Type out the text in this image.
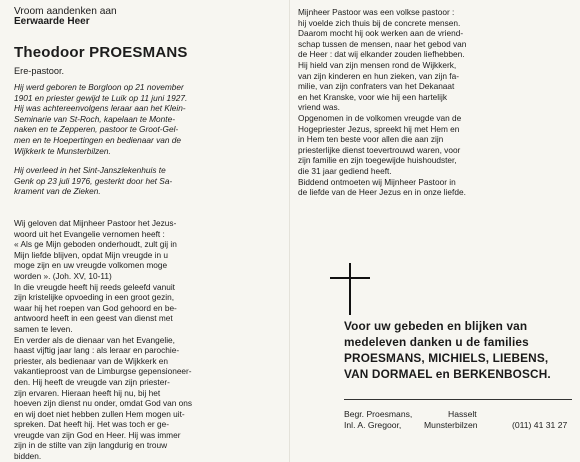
Vroom aandenken aan
Eerwaarde Heer
Theodoor PROESMANS
Ere-pastoor.
Hij werd geboren te Borgloon op 21 november
1901 en priester gewijd te Luik op 11 juni 1927.
Hij was achtereenvolgens leraar aan het Klein-
Seminarie van St-Roch, kapelaan te Monte-
naken en te Zepperen, pastoor te Groot-Gel-
men en te Hoepertingen en bedienaar van de
Wijkkerk te Munsterbilzen.
Hij overleed in het Sint-Janszlekenhuis te
Genk op 23 juli 1976, gesterkt door het Sa-
krament van de Zieken.
Wij geloven dat Mijnheer Pastoor het Jezus-
woord uit het Evangelie vernomen heeft :
« Als ge Mijn geboden onderhoudt, zult gij in
Mijn liefde blijven, opdat Mijn vreugde in u
moge zijn en uw vreugde volkomen moge
worden ». (Joh. XV, 10-11)
In die vreugde heeft hij reeds geleefd vanuit
zijn kristelijke opvoeding in een groot gezin,
waar hij het roepen van God gehoord en be-
antwoord heeft in een geest van dienst met
samen te leven.
En verder als de dienaar van het Evangelie,
haast vijftig jaar lang : als leraar en parochie-
priester, als bedienaar van de Wijkkerk en
vakantieproost van de Limburgse gepensioneer-
den. Hij heeft de vreugde van zijn priester-
zijn ervaren. Hieraan heeft hij nu, bij het
hoeven zijn dienst nu onder, omdat God van ons
en wij doet niet hebben zullen Hem mogen uit-
spreken. Dat heeft hij. Het was toch er ge-
vreugde van zijn God en Heer. Hij was immer
zijn in de stilte van zijn langdurig en trouw
bidden.
Mijnheer Pastoor was een volkse pastoor :
hij voelde zich thuis bij de concrete mensen.
Daarom mocht hij ook werken aan de vriend-
schap tussen de mensen, naar het gebod van
de Heer : dat wij elkander zouden liefhebben.
Hij hield van zijn mensen rond de Wijkkerk,
van zijn kinderen en hun zieken, van zijn fa-
milie, van zijn confraters van het Dekanaat
en het Kranske, voor wie hij een hartelijk
vriend was.
Opgenomen in de volkomen vreugde van de
Hogepriester Jezus, spreekt hij met Hem en
in Hem ten beste voor allen die aan zijn
priesterlijke dienst toevertrouwd waren, voor
zijn familie en zijn toegewijde huishoudster,
die 31 jaar gediend heeft.
Biddend ontmoeten wij Mijnheer Pastoor in
de liefde van de Heer Jezus en in onze liefde.
Voor uw gebeden en blijken van
medeleven danken u de families
PROESMANS, MICHIELS, LIEBENS,
VAN DORMAEL en BERKENBOSCH.
Begr. Proesmans,	Hasselt
Inl. A. Gregoor,	Munsterbilzen	(011) 41 31 27
